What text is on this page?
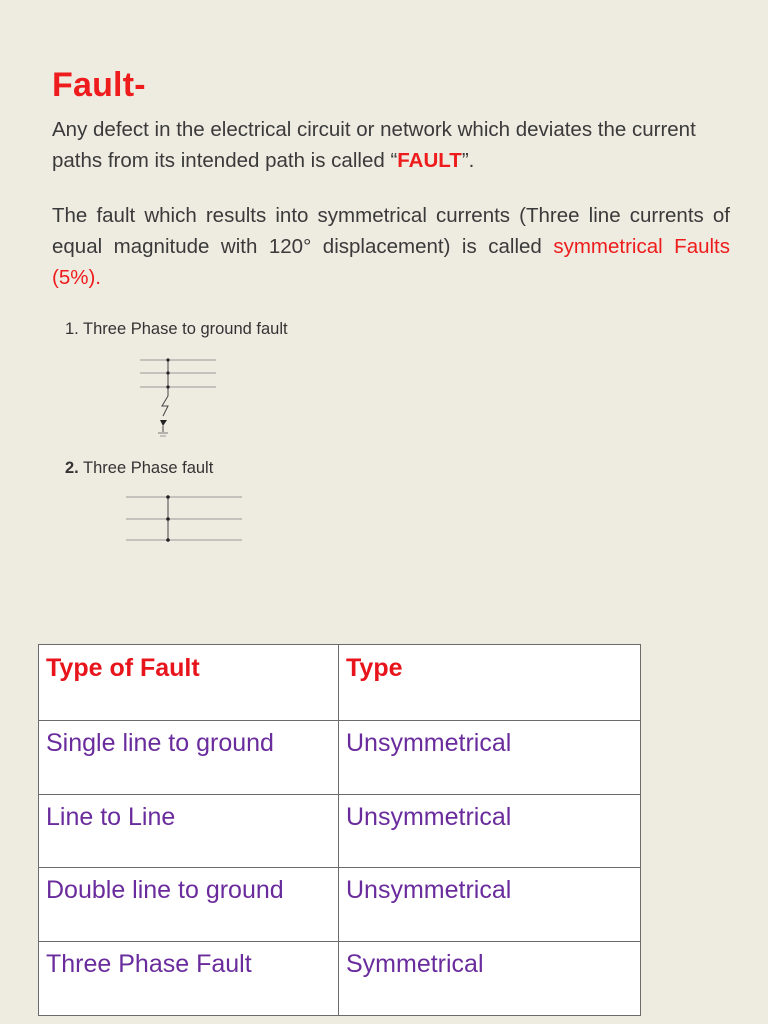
Fault-
Any defect in the electrical circuit or network which deviates the current paths from its intended path is called “FAULT”.
The fault which results into symmetrical currents (Three line currents of equal magnitude with 120° displacement) is called symmetrical Faults (5%).
1. Three Phase to ground fault
2. Three Phase fault
Type of Fault	Type
Single line to ground	Unsymmetrical
Line to Line	Unsymmetrical
Double line to ground	Unsymmetrical
Three Phase Fault	Symmetrical
